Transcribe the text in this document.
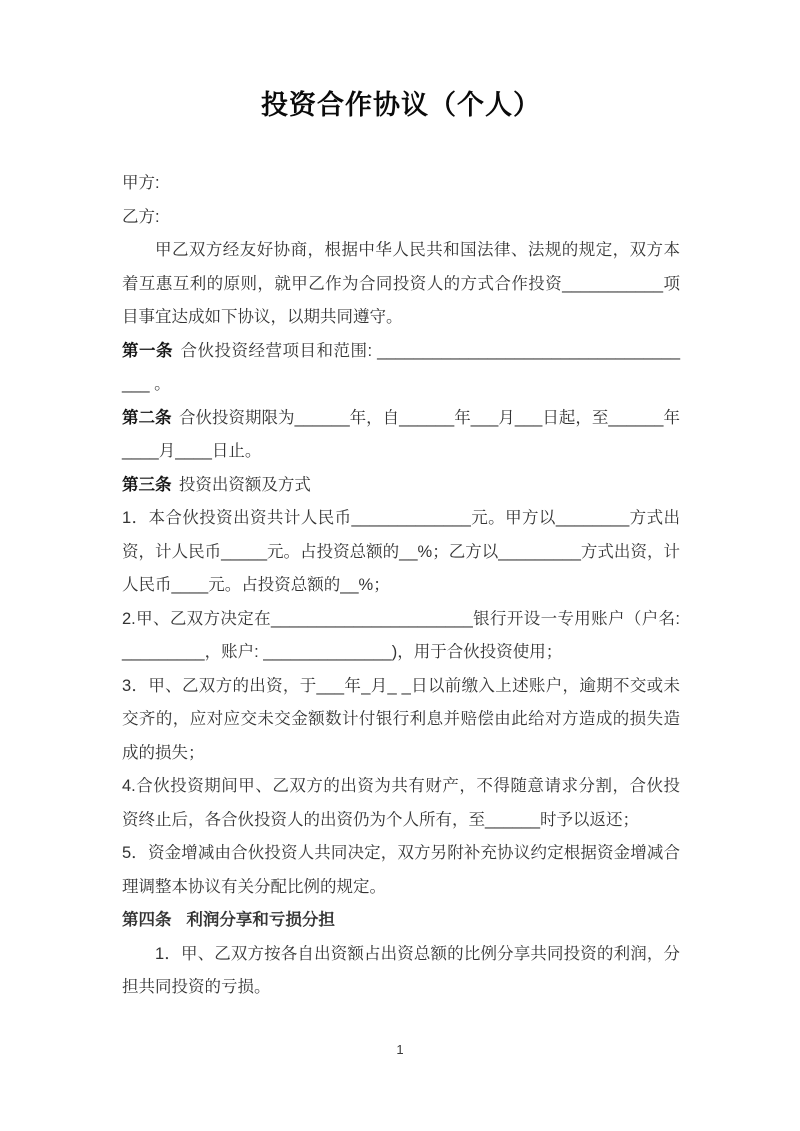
投资合作协议（个人）

甲方:

乙方:

甲乙双方经友好协商，根据中华人民共和国法律、法规的规定，双方本着互惠互利的原则，就甲乙作为合同投资人的方式合作投资___________项目事宜达成如下协议，以期共同遵守。

第一条 合伙投资经营项目和范围: ____________________________________ 。

第二条 合伙投资期限为______年，自______年___月___日起，至______年____月____日止。

第三条 投资出资额及方式

1．本合伙投资出资共计人民币_____________元。甲方以________方式出资，计人民币_____元。占投资总额的__%；乙方以_________方式出资，计人民币____元。占投资总额的__%；

2.甲、乙双方决定在______________________银行开设一专用账户（户名: _________，账户: ______________)，用于合伙投资使用；

3．甲、乙双方的出资，于___年_月_ _日以前缴入上述账户，逾期不交或未交齐的，应对应交未交金额数计付银行利息并赔偿由此给对方造成的损失造成的损失；

4.合伙投资期间甲、乙双方的出资为共有财产，不得随意请求分割，合伙投资终止后，各合伙投资人的出资仍为个人所有，至______时予以返还；

5．资金增减由合伙投资人共同决定，双方另附补充协议约定根据资金增减合理调整本协议有关分配比例的规定。

第四条 利润分享和亏损分担

1．甲、乙双方按各自出资额占出资总额的比例分享共同投资的利润，分担共同投资的亏损。

1
